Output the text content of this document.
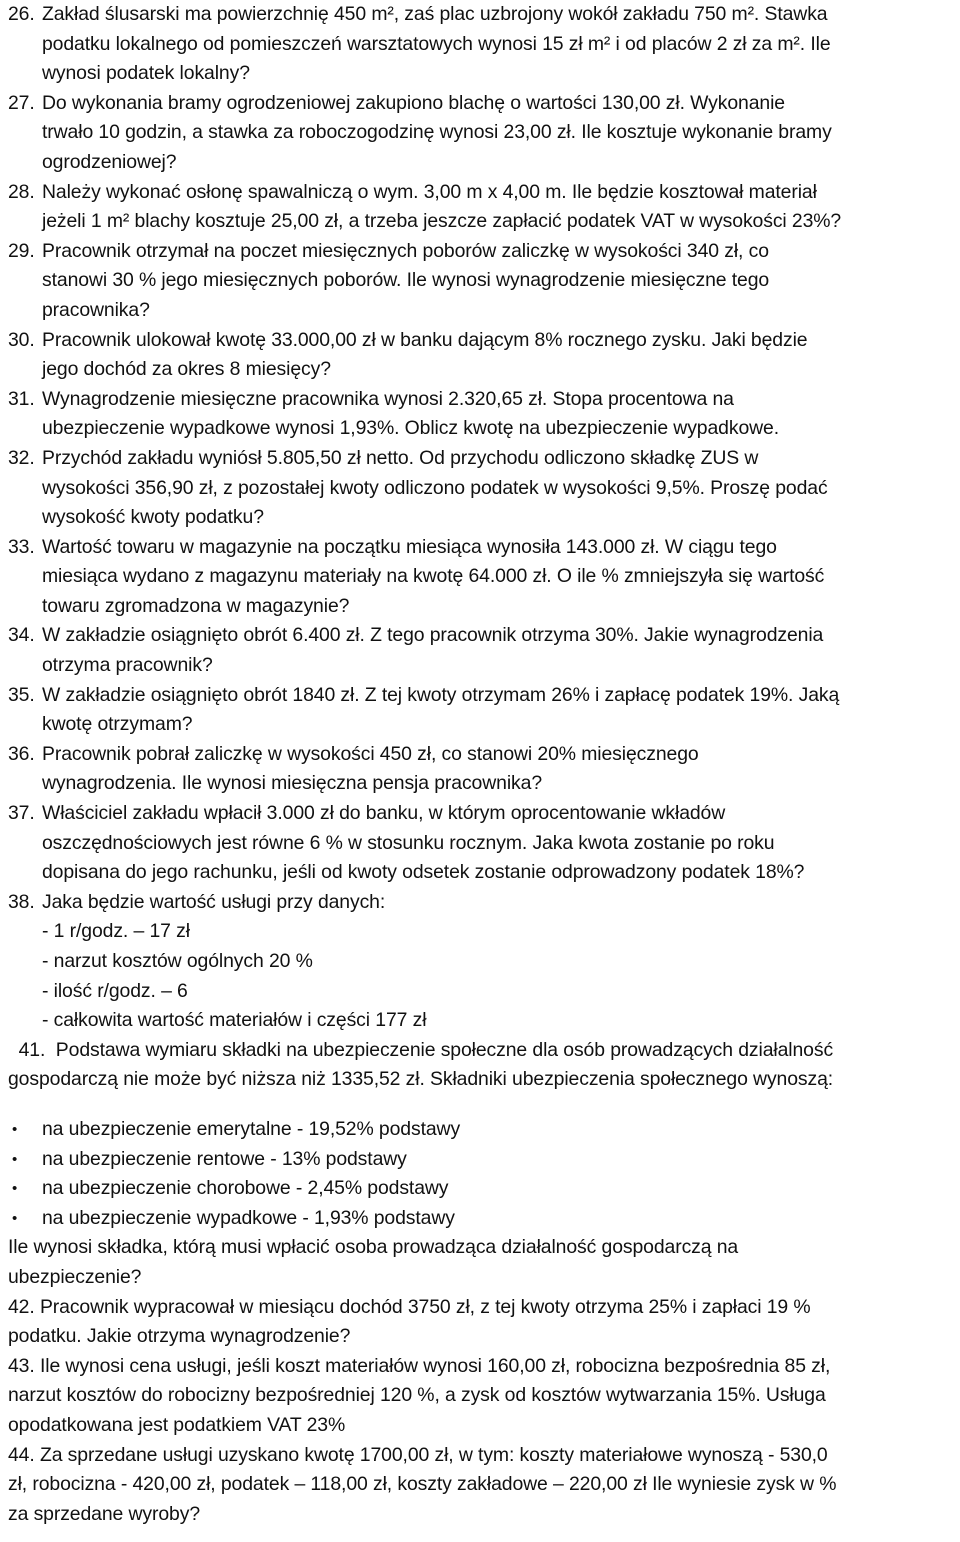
26. Zakład ślusarski ma powierzchnię 450 m², zaś plac uzbrojony wokół zakładu 750 m². Stawka
podatku lokalnego od pomieszczeń warsztatowych wynosi 15 zł m² i od placów 2 zł za m². Ile
wynosi podatek lokalny?
27. Do wykonania bramy ogrodzeniowej zakupiono blachę o wartości 130,00 zł. Wykonanie
trwało 10 godzin, a stawka za roboczogodzinę wynosi 23,00 zł. Ile kosztuje wykonanie bramy
ogrodzeniowej?
28. Należy wykonać osłonę spawalniczą o wym. 3,00 m x 4,00 m. Ile będzie kosztował materiał
jeżeli 1 m² blachy kosztuje 25,00 zł, a trzeba jeszcze zapłacić podatek VAT w wysokości 23%?
29. Pracownik otrzymał na poczet miesięcznych poborów zaliczkę w wysokości 340 zł, co
stanowi 30 % jego miesięcznych poborów. Ile wynosi wynagrodzenie miesięczne tego
pracownika?
30. Pracownik ulokował kwotę 33.000,00 zł w banku dającym 8% rocznego zysku. Jaki będzie
jego dochód za okres 8 miesięcy?
31. Wynagrodzenie miesięczne pracownika wynosi 2.320,65 zł. Stopa procentowa na
ubezpieczenie wypadkowe wynosi 1,93%. Oblicz kwotę na ubezpieczenie wypadkowe.
32. Przychód zakładu wyniósł 5.805,50 zł netto. Od przychodu odliczono składkę ZUS w
wysokości 356,90 zł, z pozostałej kwoty odliczono podatek w wysokości 9,5%. Proszę podać
wysokość kwoty podatku?
33. Wartość towaru w magazynie na początku miesiąca wynosiła 143.000 zł. W ciągu tego
miesiąca wydano z magazynu materiały na kwotę 64.000 zł. O ile % zmniejszyła się wartość
towaru zgromadzona w magazynie?
34. W zakładzie osiągnięto obrót 6.400 zł. Z tego pracownik otrzyma 30%. Jakie wynagrodzenia
otrzyma pracownik?
35. W zakładzie osiągnięto obrót 1840 zł. Z tej kwoty otrzymam 26% i zapłacę podatek 19%. Jaką
kwotę otrzymam?
36. Pracownik pobrał zaliczkę w wysokości 450 zł, co stanowi 20% miesięcznego
wynagrodzenia. Ile wynosi miesięczna pensja pracownika?
37. Właściciel zakładu wpłacił 3.000 zł do banku, w którym oprocentowanie wkładów
oszczędnościowych jest równe 6 % w stosunku rocznym. Jaka kwota zostanie po roku
dopisana do jego rachunku, jeśli od kwoty odsetek zostanie odprowadzony podatek 18%?
38. Jaka będzie wartość usługi przy danych:
- 1 r/godz. – 17 zł
- narzut kosztów ogólnych 20 %
- ilość r/godz. – 6
- całkowita wartość materiałów i części 177 zł
41.  Podstawa wymiaru składki na ubezpieczenie społeczne dla osób prowadzących działalność
gospodarczą nie może być niższa niż 1335,52 zł. Składniki ubezpieczenia społecznego wynoszą:
• na ubezpieczenie emerytalne - 19,52% podstawy
• na ubezpieczenie rentowe - 13% podstawy
• na ubezpieczenie chorobowe - 2,45% podstawy
• na ubezpieczenie wypadkowe - 1,93% podstawy
Ile wynosi składka, którą musi wpłacić osoba prowadząca działalność gospodarczą na
ubezpieczenie?
42. Pracownik wypracował w miesiącu dochód 3750 zł, z tej kwoty otrzyma 25% i zapłaci 19 %
podatku. Jakie otrzyma wynagrodzenie?
43. Ile wynosi cena usługi, jeśli koszt materiałów wynosi 160,00 zł, robocizna bezpośrednia 85 zł,
narzut kosztów do robocizny bezpośredniej 120 %, a zysk od kosztów wytwarzania 15%. Usługa
opodatkowana jest podatkiem VAT 23%
44. Za sprzedane usługi uzyskano kwotę 1700,00 zł, w tym: koszty materiałowe wynoszą - 530,0
zł, robocizna - 420,00 zł, podatek – 118,00 zł, koszty zakładowe – 220,00 zł Ile wyniesie zysk w %
za sprzedane wyroby?
